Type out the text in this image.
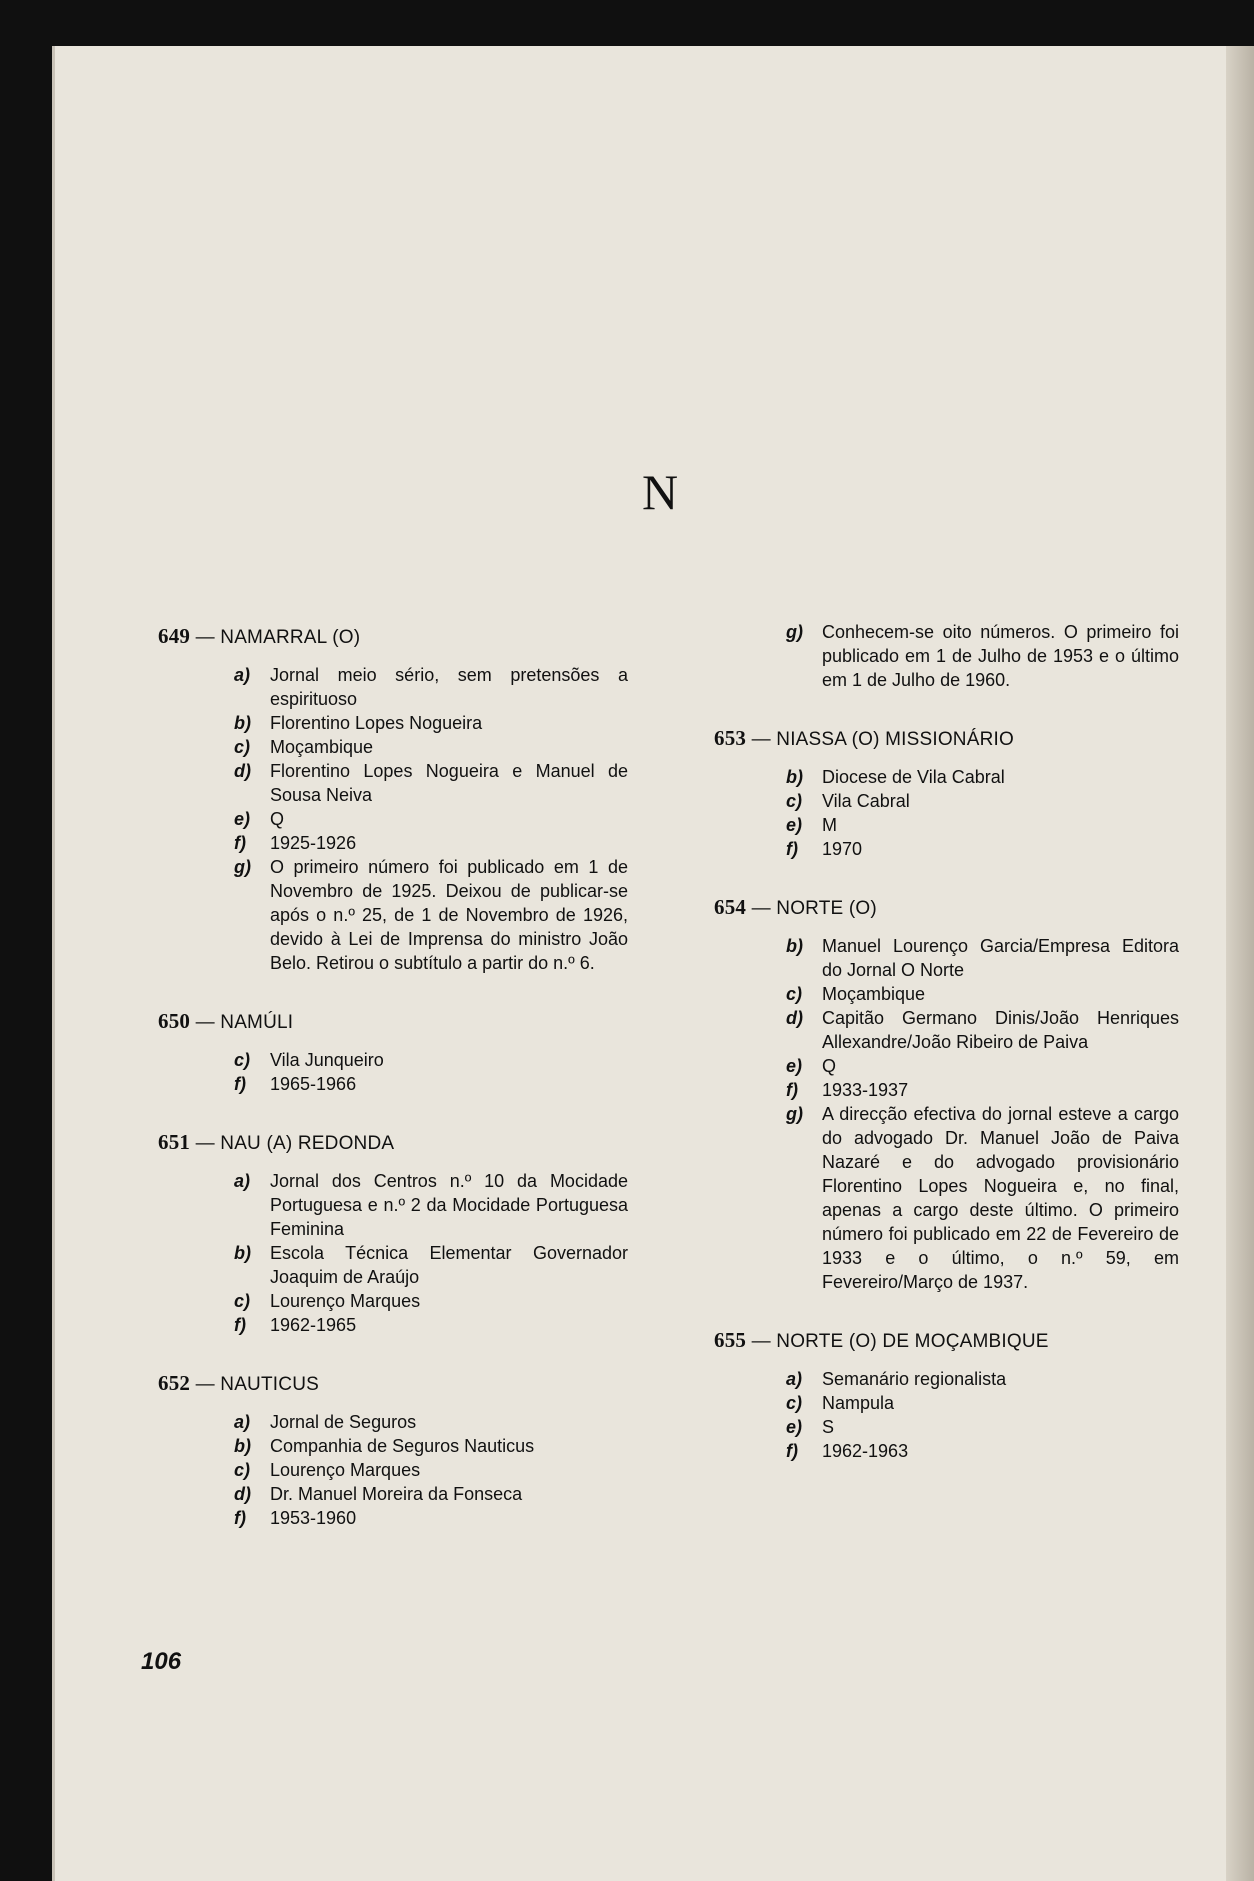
N
649 — NAMARRAL (O)
a)	Jornal meio sério, sem pretensões a espirituoso
b)	Florentino Lopes Nogueira
c)	Moçambique
d)	Florentino Lopes Nogueira e Manuel de Sousa Neiva
e)	Q
f)	1925-1926
g)	O primeiro número foi publicado em 1 de Novembro de 1925. Deixou de publicar-se após o n.º 25, de 1 de Novembro de 1926, devido à Lei de Imprensa do ministro João Belo. Retirou o subtítulo a partir do n.º 6.
650 — NAMÚLI
c)	Vila Junqueiro
f)	1965-1966
651 — NAU (A) REDONDA
a)	Jornal dos Centros n.º 10 da Mocidade Portuguesa e n.º 2 da Mocidade Portuguesa Feminina
b)	Escola Técnica Elementar Governador Joaquim de Araújo
c)	Lourenço Marques
f)	1962-1965
652 — NAUTICUS
a)	Jornal de Seguros
b)	Companhia de Seguros Nauticus
c)	Lourenço Marques
d)	Dr. Manuel Moreira da Fonseca
f)	1953-1960
g)	Conhecem-se oito números. O primeiro foi publicado em 1 de Julho de 1953 e o último em 1 de Julho de 1960.
653 — NIASSA (O) MISSIONÁRIO
b)	Diocese de Vila Cabral
c)	Vila Cabral
e)	M
f)	1970
654 — NORTE (O)
b)	Manuel Lourenço Garcia/Empresa Editora do Jornal O Norte
c)	Moçambique
d)	Capitão Germano Dinis/João Henriques Allexandre/João Ribeiro de Paiva
e)	Q
f)	1933-1937
g)	A direcção efectiva do jornal esteve a cargo do advogado Dr. Manuel João de Paiva Nazaré e do advogado provisionário Florentino Lopes Nogueira e, no final, apenas a cargo deste último. O primeiro número foi publicado em 22 de Fevereiro de 1933 e o último, o n.º 59, em Fevereiro/Março de 1937.
655 — NORTE (O) DE MOÇAMBIQUE
a)	Semanário regionalista
c)	Nampula
e)	S
f)	1962-1963
106
